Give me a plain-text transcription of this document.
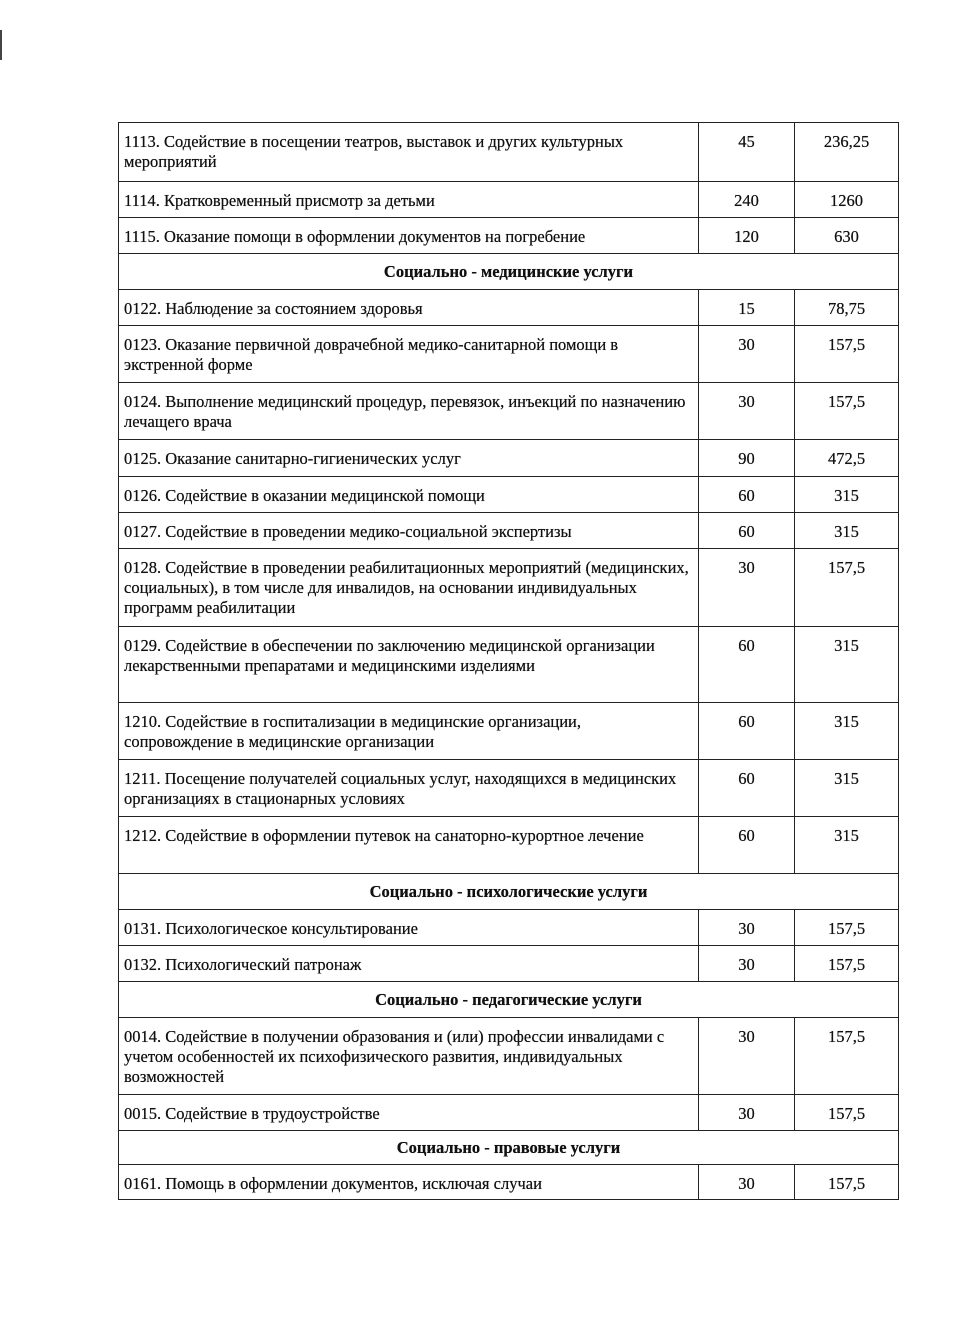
1113. Содействие в посещении театров, выставок и других культурных мероприятий	45	236,25
1114. Кратковременный присмотр за детьми	240	1260
1115. Оказание помощи в оформлении документов на погребение	120	630
Социально - медицинские услуги		
0122. Наблюдение за состоянием здоровья	15	78,75
0123. Оказание первичной доврачебной медико-санитарной помощи в экстренной форме	30	157,5
0124. Выполнение медицинский процедур, перевязок, инъекций по назначению лечащего врача	30	157,5
0125. Оказание санитарно-гигиенических услуг	90	472,5
0126. Содействие в оказании медицинской помощи	60	315
0127. Содействие в проведении медико-социальной экспертизы	60	315
0128. Содействие в проведении реабилитационных мероприятий (медицинских, социальных), в том числе для инвалидов, на основании индивидуальных программ реабилитации	30	157,5
0129. Содействие в обеспечении по заключению медицинской организации лекарственными препаратами и медицинскими изделиями	60	315
1210. Содействие в госпитализации в медицинские организации, сопровождение в медицинские организации	60	315
1211. Посещение получателей социальных услуг, находящихся в медицинских организациях в стационарных условиях	60	315
1212. Содействие в оформлении путевок на санаторно-курортное лечение	60	315
Социально - психологические услуги		
0131. Психологическое консультирование	30	157,5
0132. Психологический патронаж	30	157,5
Социально - педагогические услуги		
0014. Содействие в получении образования и (или) профессии инвалидами с учетом особенностей их психофизического развития, индивидуальных возможностей	30	157,5
0015. Содействие в трудоустройстве	30	157,5
Социально - правовые услуги		
0161. Помощь в оформлении документов, исключая случаи	30	157,5
